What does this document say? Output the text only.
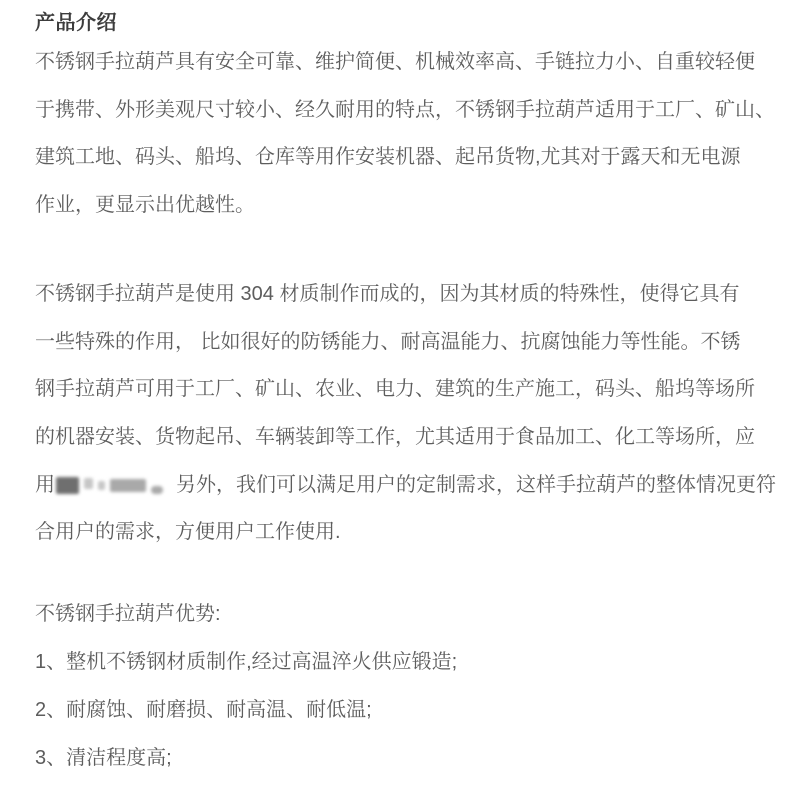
产品介绍
不锈钢手拉葫芦具有安全可靠、维护简便、机械效率高、手链拉力小、自重较轻便
于携带、外形美观尺寸较小、经久耐用的特点，不锈钢手拉葫芦适用于工厂、矿山、
建筑工地、码头、船坞、仓库等用作安装机器、起吊货物,尤其对于露天和无电源
作业，更显示出优越性。
不锈钢手拉葫芦是使用 304 材质制作而成的，因为其材质的特殊性，使得它具有
一些特殊的作用， 比如很好的防锈能力、耐高温能力、抗腐蚀能力等性能。不锈
钢手拉葫芦可用于工厂、矿山、农业、电力、建筑的生产施工，码头、船坞等场所
的机器安装、货物起吊、车辆装卸等工作，尤其适用于食品加工、化工等场所，应
用	另外，我们可以满足用户的定制需求，这样手拉葫芦的整体情况更符
合用户的需求，方便用户工作使用.
不锈钢手拉葫芦优势:
1、整机不锈钢材质制作,经过高温淬火供应锻造;
2、耐腐蚀、耐磨损、耐高温、耐低温;
3、清洁程度高;
